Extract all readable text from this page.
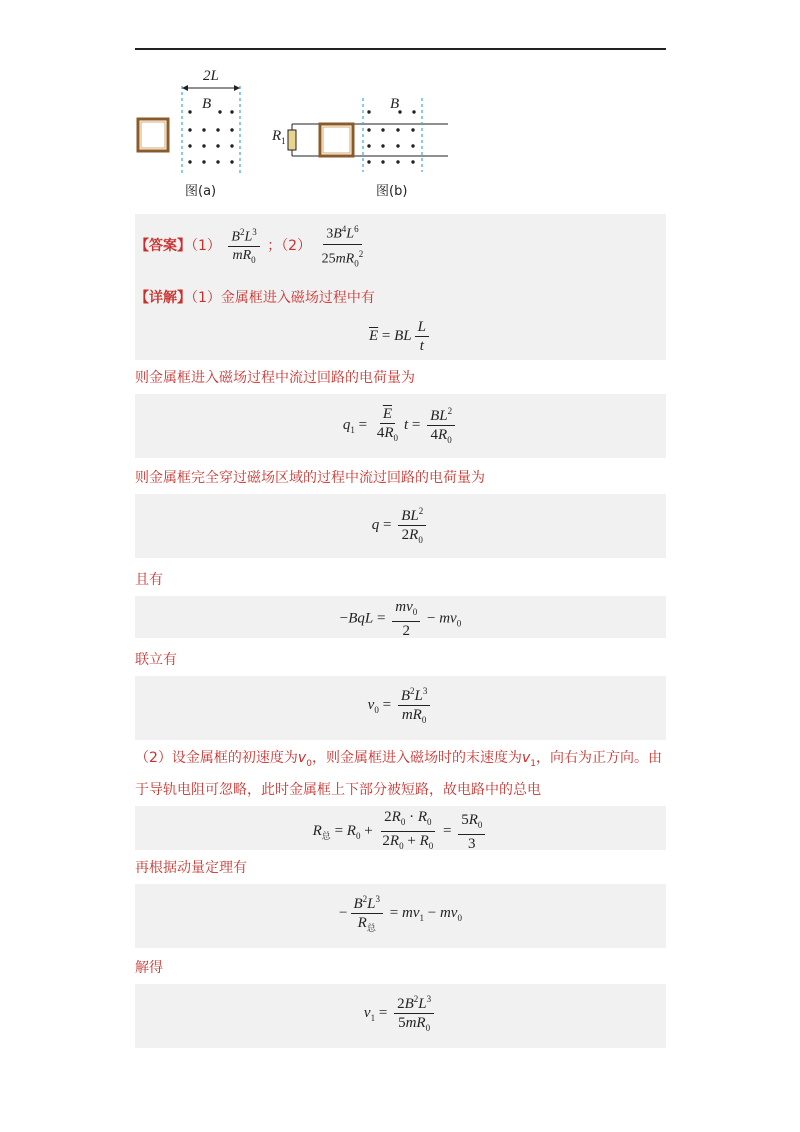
2L
B
图(a)
B
$R_1$
图(b)
【答案】$(1) \frac{B^2L^3}{mR_0}$ ；$(2) \frac{3B^4L^6}{25mR_0^2}$
【详解】（1）金属框进入磁场过程中有
$\overline{E}$ = BL $\frac{L}{t}$
则金属框进入磁场过程中流过回路的电荷量为
$q_1 = \frac{\overline{E}}{4R_0}$ $t = \frac{BL^2}{4R_0}$
则金属框完全穿过磁场区域的过程中流过回路的电荷量为
$q = \frac{BL^2}{2R_0}$
且有
$-BqL = \frac{mv_0}{2} - mv_0$
联立有
$v_0 = \frac{B^2L^3}{mR_0}$
（2）设金属框的初速度为$v_0$，则金属框进入磁场时的末速度为$v_1$，向右为正方向。由
于导轨电阻可忽略，此时金属框上下部分被短路，故电路中的总电
$R_总 = R_0 + \frac{2R_0 \cdot R_0}{2R_0 + R_0} = \frac{5R_0}{3}$
再根据动量定理有
− $\frac{B^2L^3}{R_总} = mv_1 - mv_0$
解得
$v_1 = \frac{2B^2L^3}{5mR_0}$
